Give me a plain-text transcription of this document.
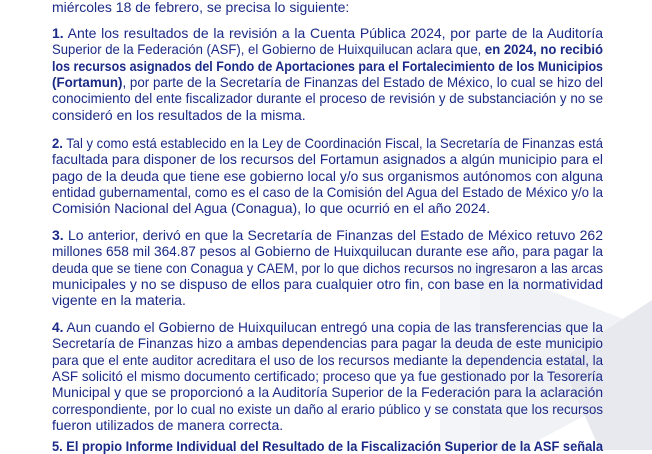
miércoles 18 de febrero, se precisa lo siguiente:
1. Ante los resultados de la revisión a la Cuenta Pública 2024, por parte de la Auditoría
Superior de la Federación (ASF), el Gobierno de Huixquilucan aclara que, en 2024, no recibió
los recursos asignados del Fondo de Aportaciones para el Fortalecimiento de los Municipios
(Fortamun), por parte de la Secretaría de Finanzas del Estado de México, lo cual se hizo del
conocimiento del ente fiscalizador durante el proceso de revisión y de substanciación y no se
consideró en los resultados de la misma.
2. Tal y como está establecido en la Ley de Coordinación Fiscal, la Secretaría de Finanzas está
facultada para disponer de los recursos del Fortamun asignados a algún municipio para el
pago de la deuda que tiene ese gobierno local y/o sus organismos autónomos con alguna
entidad gubernamental, como es el caso de la Comisión del Agua del Estado de México y/o la
Comisión Nacional del Agua (Conagua), lo que ocurrió en el año 2024.
3. Lo anterior, derivó en que la Secretaría de Finanzas del Estado de México retuvo 262
millones 658 mil 364.87 pesos al Gobierno de Huixquilucan durante ese año, para pagar la
deuda que se tiene con Conagua y CAEM, por lo que dichos recursos no ingresaron a las arcas
municipales y no se dispuso de ellos para cualquier otro fin, con base en la normatividad
vigente en la materia.
4. Aun cuando el Gobierno de Huixquilucan entregó una copia de las transferencias que la
Secretaría de Finanzas hizo a ambas dependencias para pagar la deuda de este municipio
para que el ente auditor acreditara el uso de los recursos mediante la dependencia estatal, la
ASF solicitó el mismo documento certificado; proceso que ya fue gestionado por la Tesorería
Municipal y que se proporcionó a la Auditoría Superior de la Federación para la aclaración
correspondiente, por lo cual no existe un daño al erario público y se constata que los recursos
fueron utilizados de manera correcta.
5. El propio Informe Individual del Resultado de la Fiscalización Superior de la ASF señala
